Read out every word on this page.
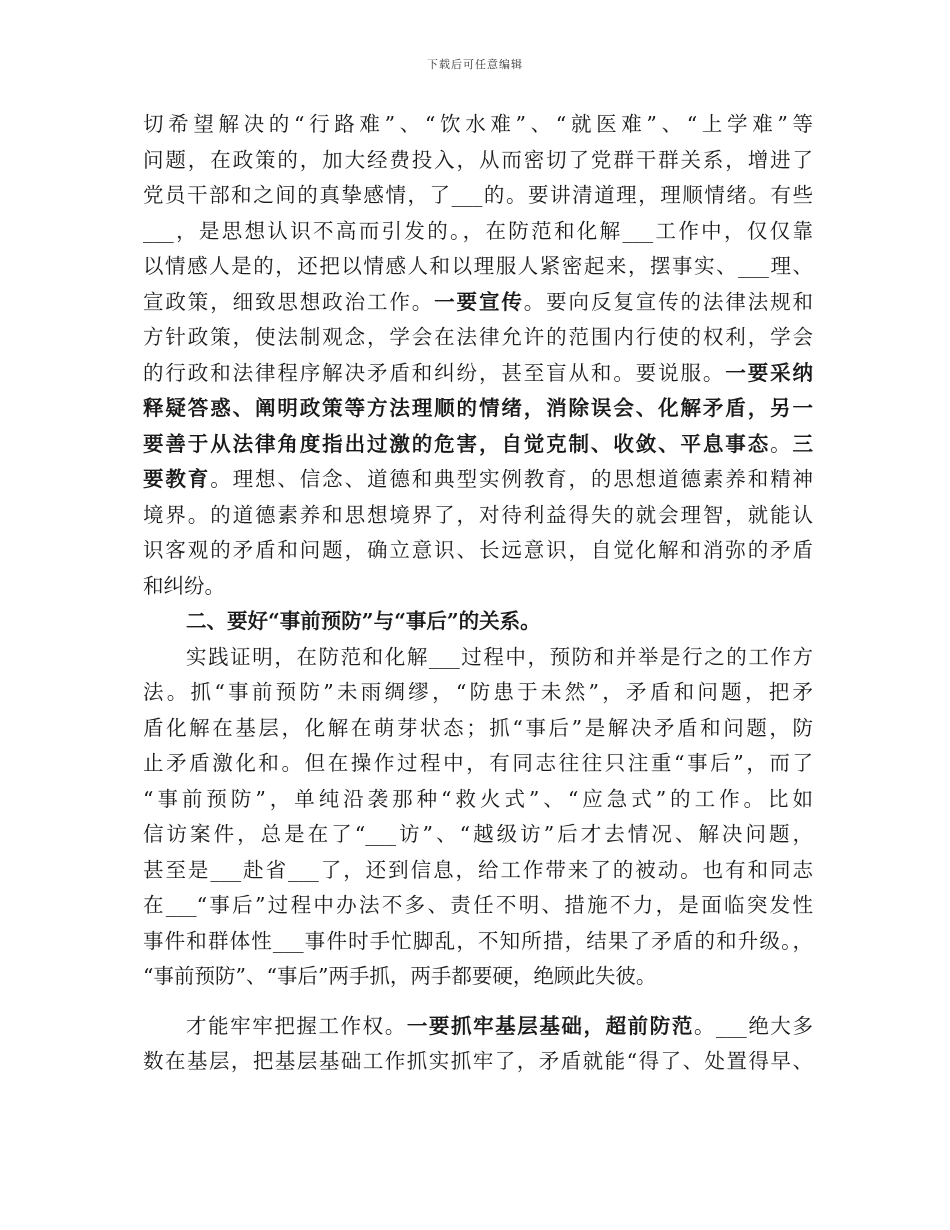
下载后可任意编辑
切希望解决的“行路难”、“饮水难”、“就医难”、“上学难”等
问题，在政策的，加大经费投入，从而密切了党群干群关系，增进了
党员干部和之间的真挚感情，了___的。要讲清道理，理顺情绪。有些
___，是思想认识不高而引发的。，在防范和化解___工作中，仅仅靠
以情感人是的，还把以情感人和以理服人紧密起来，摆事实、___理、
宣政策，细致思想政治工作。一要宣传。要向反复宣传的法律法规和
方针政策，使法制观念，学会在法律允许的范围内行使的权利，学会
的行政和法律程序解决矛盾和纠纷，甚至盲从和。要说服。一要采纳
释疑答惑、阐明政策等方法理顺的情绪，消除误会、化解矛盾，另一
要善于从法律角度指出过激的危害，自觉克制、收敛、平息事态。三
要教育。理想、信念、道德和典型实例教育，的思想道德素养和精神
境界。的道德素养和思想境界了，对待利益得失的就会理智，就能认
识客观的矛盾和问题，确立意识、长远意识，自觉化解和消弥的矛盾
和纠纷。
二、要好“事前预防”与“事后”的关系。
实践证明，在防范和化解___过程中，预防和并举是行之的工作方
法。抓“事前预防”未雨绸缪，“防患于未然”，矛盾和问题，把矛
盾化解在基层，化解在萌芽状态；抓“事后”是解决矛盾和问题，防
止矛盾激化和。但在操作过程中，有同志往往只注重“事后”，而了
“事前预防”，单纯沿袭那种“救火式”、“应急式”的工作。比如
信访案件，总是在了“___访”、“越级访”后才去情况、解决问题，
甚至是___赴省___了，还到信息，给工作带来了的被动。也有和同志
在___“事后”过程中办法不多、责任不明、措施不力，是面临突发性
事件和群体性___事件时手忙脚乱，不知所措，结果了矛盾的和升级。，
“事前预防”、“事后”两手抓，两手都要硬，绝顾此失彼。
才能牢牢把握工作权。一要抓牢基层基础，超前防范。___绝大多
数在基层，把基层基础工作抓实抓牢了，矛盾就能“得了、处置得早、
